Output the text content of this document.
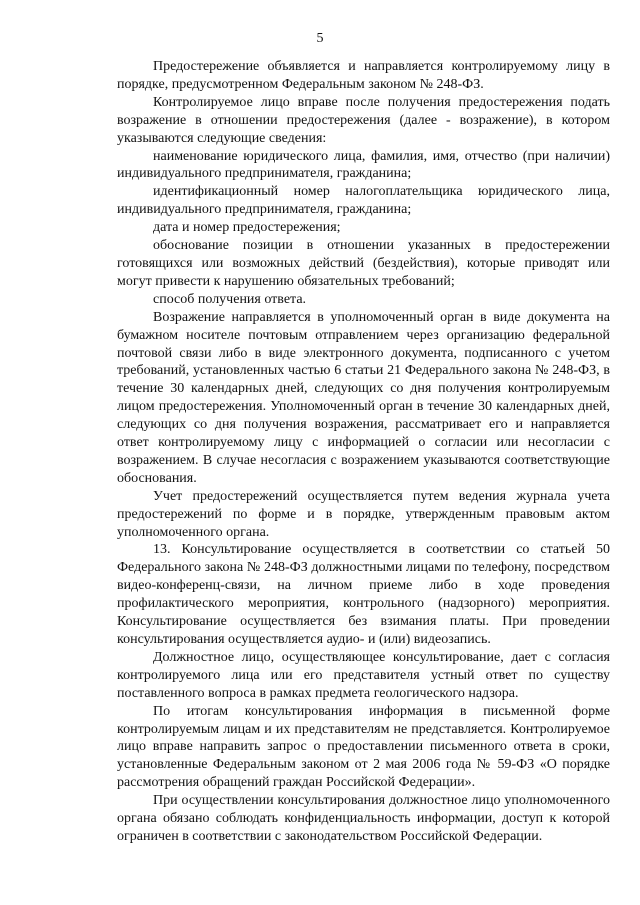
5

Предостережение объявляется и направляется контролируемому лицу в порядке, предусмотренном Федеральным законом № 248-ФЗ.

Контролируемое лицо вправе после получения предостережения подать возражение в отношении предостережения (далее - возражение), в котором указываются следующие сведения:

наименование юридического лица, фамилия, имя, отчество (при наличии) индивидуального предпринимателя, гражданина;

идентификационный номер налогоплательщика юридического лица, индивидуального предпринимателя, гражданина;

дата и номер предостережения;

обоснование позиции в отношении указанных в предостережении готовящихся или возможных действий (бездействия), которые приводят или могут привести к нарушению обязательных требований;

способ получения ответа.

Возражение направляется в уполномоченный орган в виде документа на бумажном носителе почтовым отправлением через организацию федеральной почтовой связи либо в виде электронного документа, подписанного с учетом требований, установленных частью 6 статьи 21 Федерального закона № 248-ФЗ, в течение 30 календарных дней, следующих со дня получения контролируемым лицом предостережения. Уполномоченный орган в течение 30 календарных дней, следующих со дня получения возражения, рассматривает его и направляется ответ контролируемому лицу с информацией о согласии или несогласии с возражением. В случае несогласия с возражением указываются соответствующие обоснования.

Учет предостережений осуществляется путем ведения журнала учета предостережений по форме и в порядке, утвержденным правовым актом уполномоченного органа.

13. Консультирование осуществляется в соответствии со статьей 50 Федерального закона № 248-ФЗ должностными лицами по телефону, посредством видео-конференц-связи, на личном приеме либо в ходе проведения профилактического мероприятия, контрольного (надзорного) мероприятия. Консультирование осуществляется без взимания платы. При проведении консультирования осуществляется аудио- и (или) видеозапись.

Должностное лицо, осуществляющее консультирование, дает с согласия контролируемого лица или его представителя устный ответ по существу поставленного вопроса в рамках предмета геологического надзора.

По итогам консультирования информация в письменной форме контролируемым лицам и их представителям не представляется. Контролируемое лицо вправе направить запрос о предоставлении письменного ответа в сроки, установленные Федеральным законом от 2 мая 2006 года № 59-ФЗ «О порядке рассмотрения обращений граждан Российской Федерации».

При осуществлении консультирования должностное лицо уполномоченного органа обязано соблюдать конфиденциальность информации, доступ к которой ограничен в соответствии с законодательством Российской Федерации.
